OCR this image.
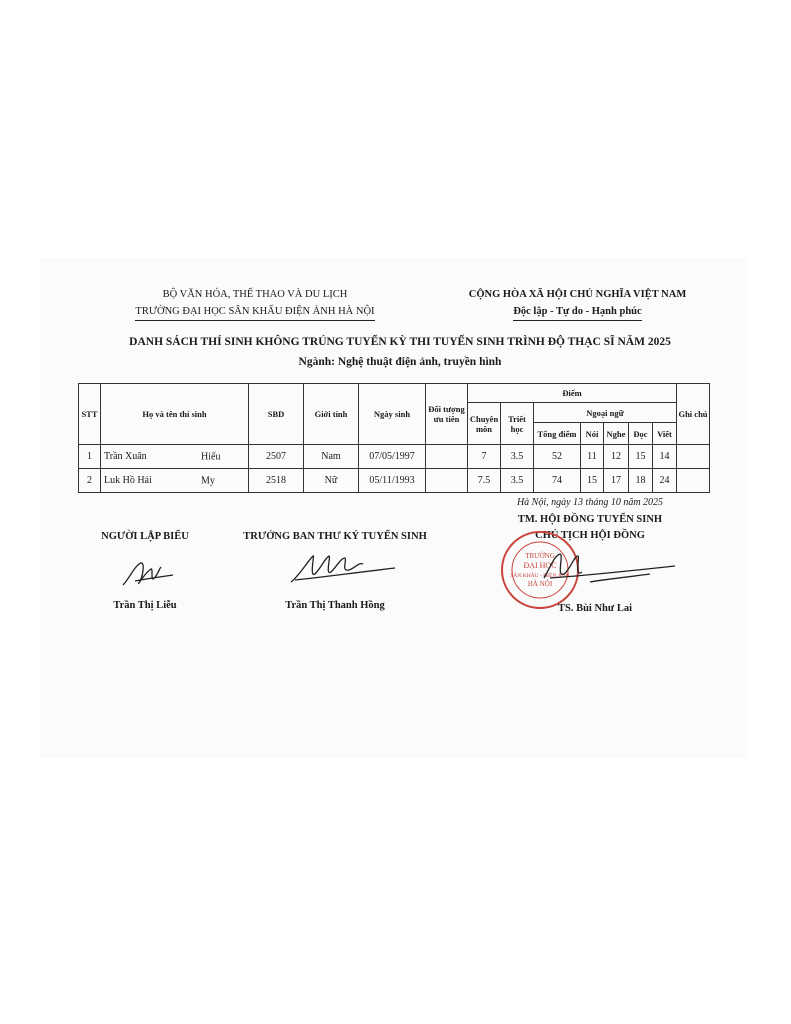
BỘ VĂN HÓA, THỂ THAO VÀ DU LỊCH
TRƯỜNG ĐẠI HỌC SÂN KHẤU ĐIỆN ẢNH HÀ NỘI
CỘNG HÒA XÃ HỘI CHỦ NGHĨA VIỆT NAM
Độc lập - Tự do - Hạnh phúc
DANH SÁCH THÍ SINH KHÔNG TRÚNG TUYỂN KỲ THI TUYỂN SINH TRÌNH ĐỘ THẠC SĨ NĂM 2025
Ngành: Nghệ thuật điện ảnh, truyền hình
STT	Họ và tên thí sinh	SBD	Giới tính	Ngày sinh	Đối tượng ưu tiên	Điểm							Ghi chú
						Chuyên môn	Triết học	Ngoại ngữ					
								Tổng điểm	Nói	Nghe	Đọc	Viết	
1	Trần Xuân Hiếu	2507	Nam	07/05/1997		7	3.5	52	11	12	15	14	
2	Luk Hồ Hải My	2518	Nữ	05/11/1993		7.5	3.5	74	15	17	18	24	
Hà Nội, ngày 13 tháng 10 năm 2025
TM. HỘI ĐỒNG TUYỂN SINH
CHỦ TỊCH HỘI ĐỒNG
NGƯỜI LẬP BIỂU	TRƯỞNG BAN THƯ KÝ TUYỂN SINH
TRƯỜNG
ĐẠI HỌC
SÂN KHẤU - ĐIỆN ẢNH
HÀ NỘI
Trần Thị Liễu	Trần Thị Thanh Hồng	TS. Bùi Như Lai
